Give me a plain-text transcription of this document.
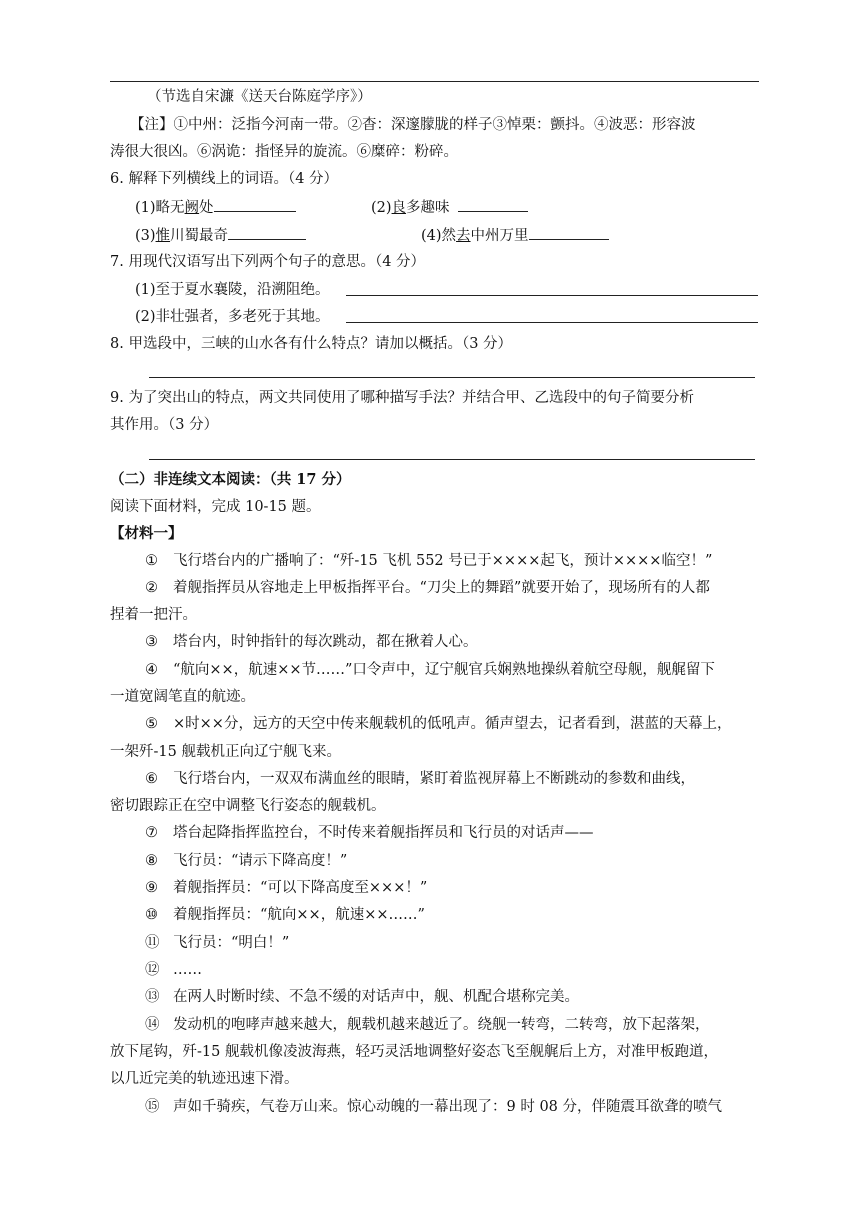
（节选自宋濂《送天台陈庭学序》）
【注】①中州：泛指今河南一带。②杳：深邃朦胧的样子③悼栗：颤抖。④波恶：形容波
涛很大很凶。⑥涡诡：指怪异的旋流。⑥糜碎：粉碎。
6. 解释下列横线上的词语。（4 分）
(1)略无阙处	(2)良多趣味
(3)惟川蜀最奇	(4)然去中州万里
7. 用现代汉语写出下列两个句子的意思。（4 分）
(1)至于夏水襄陵，沿溯阻绝。
(2)非壮强者，多老死于其地。
8. 甲选段中，三峡的山水各有什么特点？请加以概括。（3 分）
9. 为了突出山的特点，两文共同使用了哪种描写手法？并结合甲、乙选段中的句子简要分析
其作用。（3 分）
（二）非连续文本阅读：（共 17 分）
阅读下面材料，完成 10-15 题。
【材料一】
① 飞行塔台内的广播响了：“歼-15 飞机 552 号已于××××起飞，预计××××临空！”
② 着舰指挥员从容地走上甲板指挥平台。“刀尖上的舞蹈”就要开始了，现场所有的人都
捏着一把汗。
③ 塔台内，时钟指针的每次跳动，都在揪着人心。
④ “航向××，航速××节……”口令声中，辽宁舰官兵娴熟地操纵着航空母舰，舰艉留下
一道宽阔笔直的航迹。
⑤ ×时××分，远方的天空中传来舰载机的低吼声。循声望去，记者看到，湛蓝的天幕上，
一架歼-15 舰载机正向辽宁舰飞来。
⑥ 飞行塔台内，一双双布满血丝的眼睛，紧盯着监视屏幕上不断跳动的参数和曲线，
密切跟踪正在空中调整飞行姿态的舰载机。
⑦ 塔台起降指挥监控台，不时传来着舰指挥员和飞行员的对话声——
⑧ 飞行员：“请示下降高度！”
⑨ 着舰指挥员：“可以下降高度至×××！”
⑩ 着舰指挥员：“航向××，航速××……”
⑪ 飞行员：“明白！”
⑫ ……
⑬ 在两人时断时续、不急不缓的对话声中，舰、机配合堪称完美。
⑭ 发动机的咆哮声越来越大，舰载机越来越近了。绕舰一转弯，二转弯，放下起落架，
放下尾钩，歼-15 舰载机像凌波海燕，轻巧灵活地调整好姿态飞至舰艉后上方，对准甲板跑道，
以几近完美的轨迹迅速下滑。
⑮ 声如千骑疾，气卷万山来。惊心动魄的一幕出现了：9 时 08 分，伴随震耳欲聋的喷气
